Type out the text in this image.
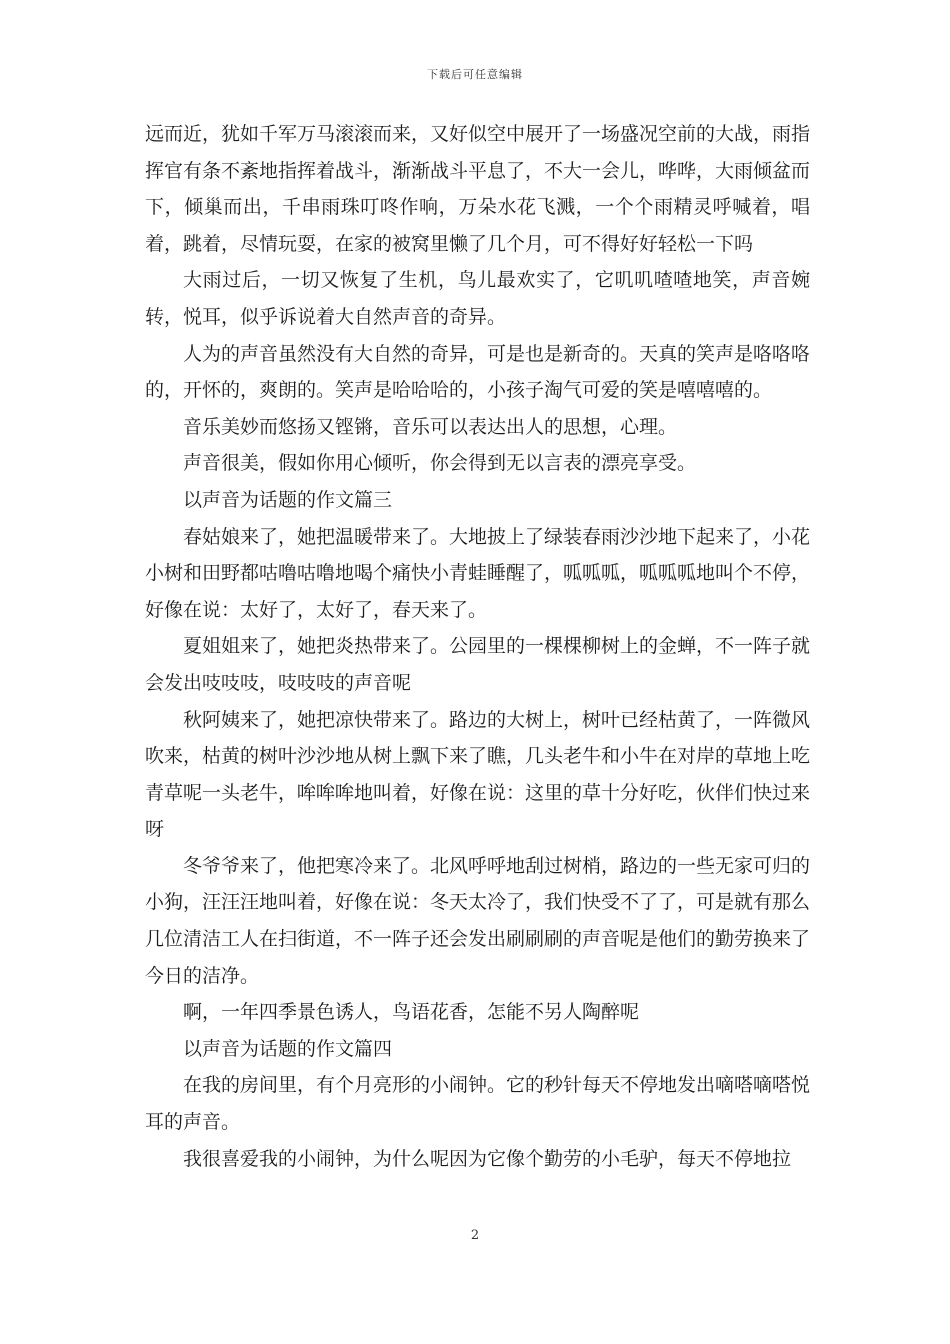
下载后可任意编辑

远而近，犹如千军万马滚滚而来，又好似空中展开了一场盛况空前的大战，雨指挥官有条不紊地指挥着战斗，渐渐战斗平息了，不大一会儿，哗哗，大雨倾盆而下，倾巢而出，千串雨珠叮咚作响，万朵水花飞溅，一个个雨精灵呼喊着，唱着，跳着，尽情玩耍，在家的被窝里懒了几个月，可不得好好轻松一下吗

大雨过后，一切又恢复了生机，鸟儿最欢实了，它叽叽喳喳地笑，声音婉转，悦耳，似乎诉说着大自然声音的奇异。

人为的声音虽然没有大自然的奇异，可是也是新奇的。天真的笑声是咯咯咯的，开怀的，爽朗的。笑声是哈哈哈的，小孩子淘气可爱的笑是嘻嘻嘻的。

音乐美妙而悠扬又铿锵，音乐可以表达出人的思想，心理。

声音很美，假如你用心倾听，你会得到无以言表的漂亮享受。

以声音为话题的作文篇三

春姑娘来了，她把温暖带来了。大地披上了绿装春雨沙沙地下起来了，小花小树和田野都咕噜咕噜地喝个痛快小青蛙睡醒了，呱呱呱，呱呱呱地叫个不停，好像在说：太好了，太好了，春天来了。

夏姐姐来了，她把炎热带来了。公园里的一棵棵柳树上的金蝉，不一阵子就会发出吱吱吱，吱吱吱的声音呢

秋阿姨来了，她把凉快带来了。路边的大树上，树叶已经枯黄了，一阵微风吹来，枯黄的树叶沙沙地从树上飘下来了瞧，几头老牛和小牛在对岸的草地上吃青草呢一头老牛，哞哞哞地叫着，好像在说：这里的草十分好吃，伙伴们快过来呀

冬爷爷来了，他把寒冷来了。北风呼呼地刮过树梢，路边的一些无家可归的小狗，汪汪汪地叫着，好像在说：冬天太冷了，我们快受不了了，可是就有那么几位清洁工人在扫街道，不一阵子还会发出刷刷刷的声音呢是他们的勤劳换来了今日的洁净。

啊，一年四季景色诱人，鸟语花香，怎能不另人陶醉呢

以声音为话题的作文篇四

在我的房间里，有个月亮形的小闹钟。它的秒针每天不停地发出嘀嗒嘀嗒悦耳的声音。

我很喜爱我的小闹钟，为什么呢因为它像个勤劳的小毛驴，每天不停地拉

2
